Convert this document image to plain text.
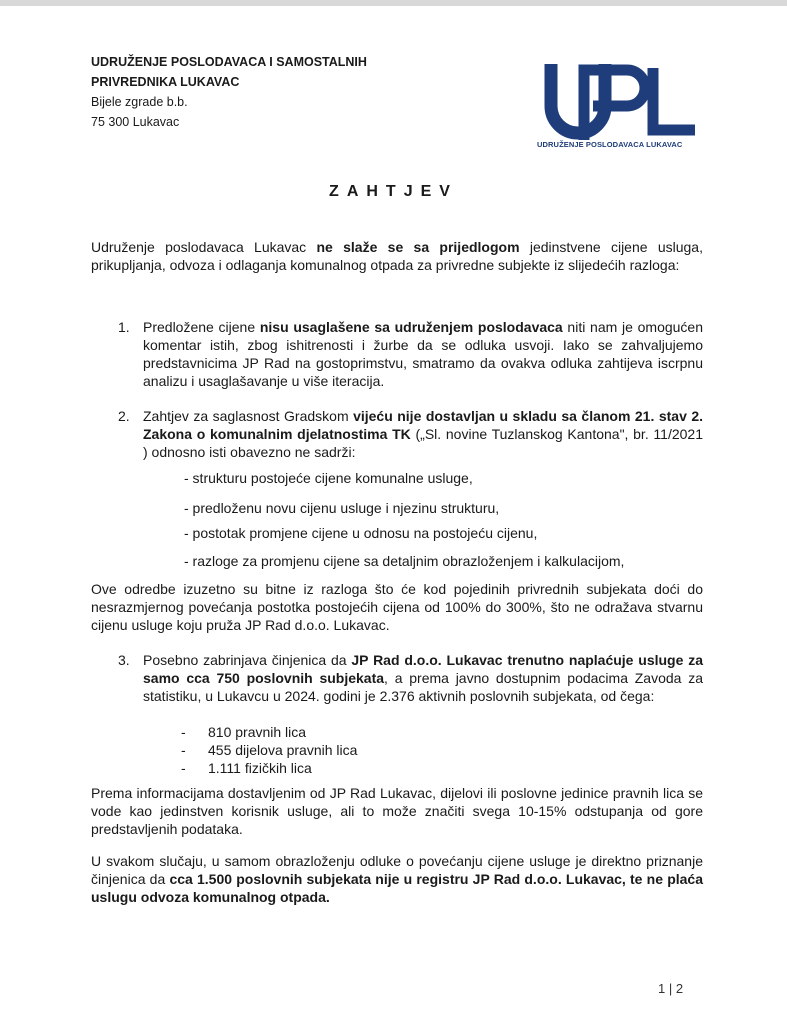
UDRUŽENJE POSLODAVACA I SAMOSTALNIH
PRIVREDNIKA LUKAVAC
Bijele zgrade b.b.
75 300 Lukavac
UDRUŽENJE POSLODAVACA LUKAVAC
ZAHTJEV
Udruženje poslodavaca Lukavac ne slaže se sa prijedlogom jedinstvene cijene usluga, prikupljanja, odvoza i odlaganja komunalnog otpada za privredne subjekte iz slijedećih razloga:
1. Predložene cijene nisu usaglašene sa udruženjem poslodavaca niti nam je omogućen komentar istih, zbog ishitrenosti i žurbe da se odluka usvoji. Iako se zahvaljujemo predstavnicima JP Rad na gostoprimstvu, smatramo da ovakva odluka zahtijeva iscrpnu analizu i usaglašavanje u više iteracija.
2. Zahtjev za saglasnost Gradskom vijeću nije dostavljan u skladu sa članom 21. stav 2. Zakona o komunalnim djelatnostima TK („Sl. novine Tuzlanskog Kantona", br. 11/2021 ) odnosno isti obavezno ne sadrži:
- strukturu postojeće cijene komunalne usluge,
- predloženu novu cijenu usluge i njezinu strukturu,
- postotak promjene cijene u odnosu na postojeću cijenu,
- razloge za promjenu cijene sa detaljnim obrazloženjem i kalkulacijom,
Ove odredbe izuzetno su bitne iz razloga što će kod pojedinih privrednih subjekata doći do nesrazmjernog povećanja postotka postojećih cijena od 100% do 300%, što ne odražava stvarnu cijenu usluge koju pruža JP Rad d.o.o. Lukavac.
3. Posebno zabrinjava činjenica da JP Rad d.o.o. Lukavac trenutno naplaćuje usluge za samo cca 750 poslovnih subjekata, a prema javno dostupnim podacima Zavoda za statistiku, u Lukavcu u 2024. godini je 2.376 aktivnih poslovnih subjekata, od čega:
- 810 pravnih lica
- 455 dijelova pravnih lica
- 1.111 fizičkih lica
Prema informacijama dostavljenim od JP Rad Lukavac, dijelovi ili poslovne jedinice pravnih lica se vode kao jedinstven korisnik usluge, ali to može značiti svega 10-15% odstupanja od gore predstavljenih podataka.
U svakom slučaju, u samom obrazloženju odluke o povećanju cijene usluge je direktno priznanje činjenica da cca 1.500 poslovnih subjekata nije u registru JP Rad d.o.o. Lukavac, te ne plaća uslugu odvoza komunalnog otpada.
1 | 2
